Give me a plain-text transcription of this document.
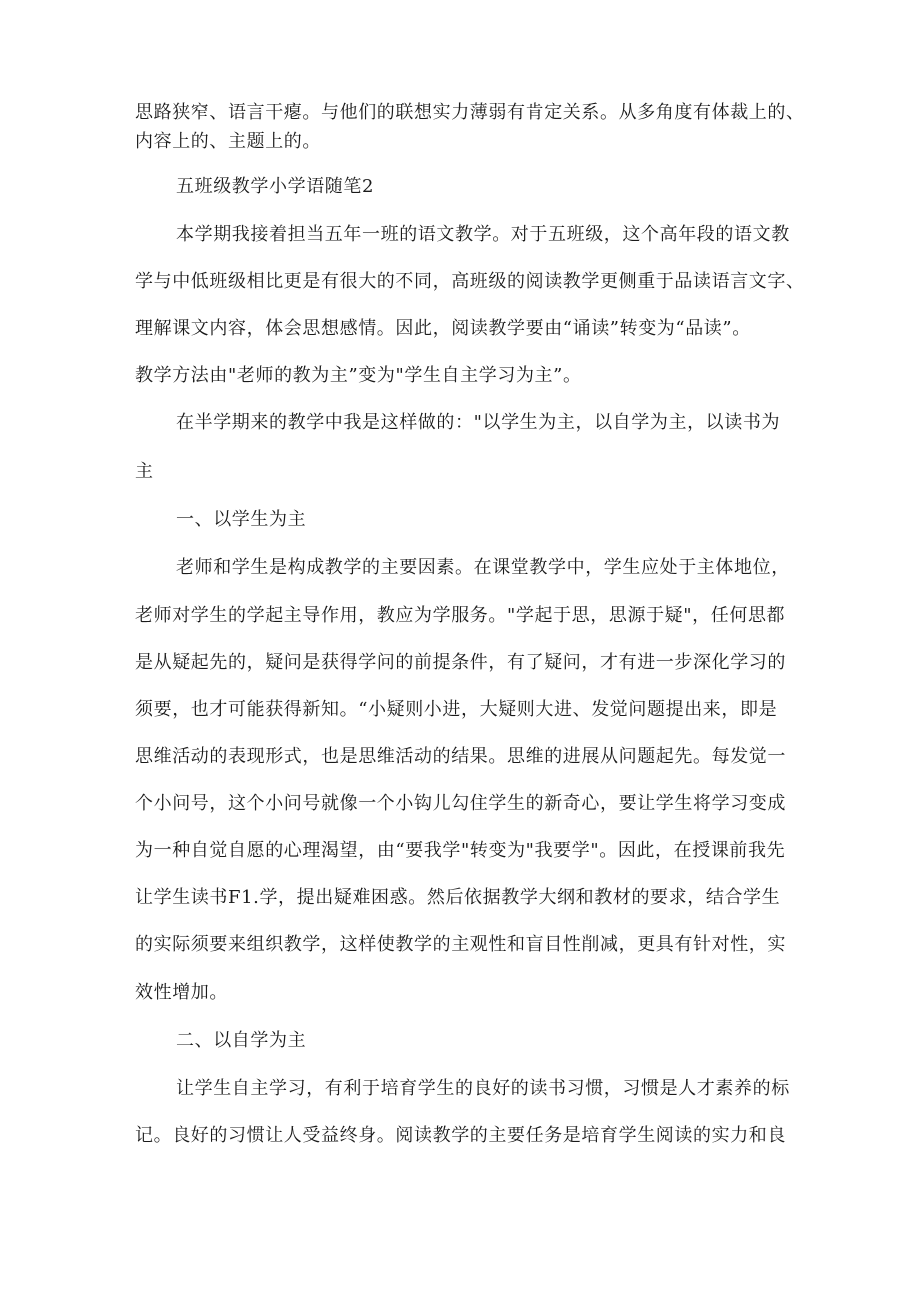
思路狭窄、语言干瘪。与他们的联想实力薄弱有肯定关系。从多角度有体裁上的、
内容上的、主题上的。
五班级教学小学语随笔2
本学期我接着担当五年一班的语文教学。对于五班级，这个高年段的语文教
学与中低班级相比更是有很大的不同，高班级的阅读教学更侧重于品读语言文字、
理解课文内容，体会思想感情。因此，阅读教学要由“诵读”转变为“品读”。
教学方法由"老师的教为主”变为"学生自主学习为主”。
在半学期来的教学中我是这样做的："以学生为主，以自学为主，以读书为
主
一、以学生为主
老师和学生是构成教学的主要因素。在课堂教学中，学生应处于主体地位，
老师对学生的学起主导作用，教应为学服务。"学起于思，思源于疑"，任何思都
是从疑起先的，疑问是获得学问的前提条件，有了疑问，才有进一步深化学习的
须要，也才可能获得新知。“小疑则小进，大疑则大进、发觉问题提出来，即是
思维活动的表现形式，也是思维活动的结果。思维的进展从问题起先。每发觉一
个小问号，这个小问号就像一个小钩儿勾住学生的新奇心，要让学生将学习变成
为一种自觉自愿的心理渴望，由“要我学"转变为"我要学"。因此，在授课前我先
让学生读书F1.学，提出疑难困惑。然后依据教学大纲和教材的要求，结合学生
的实际须要来组织教学，这样使教学的主观性和盲目性削减，更具有针对性，实
效性增加。
二、以自学为主
让学生自主学习，有利于培育学生的良好的读书习惯，习惯是人才素养的标
记。良好的习惯让人受益终身。阅读教学的主要任务是培育学生阅读的实力和良
